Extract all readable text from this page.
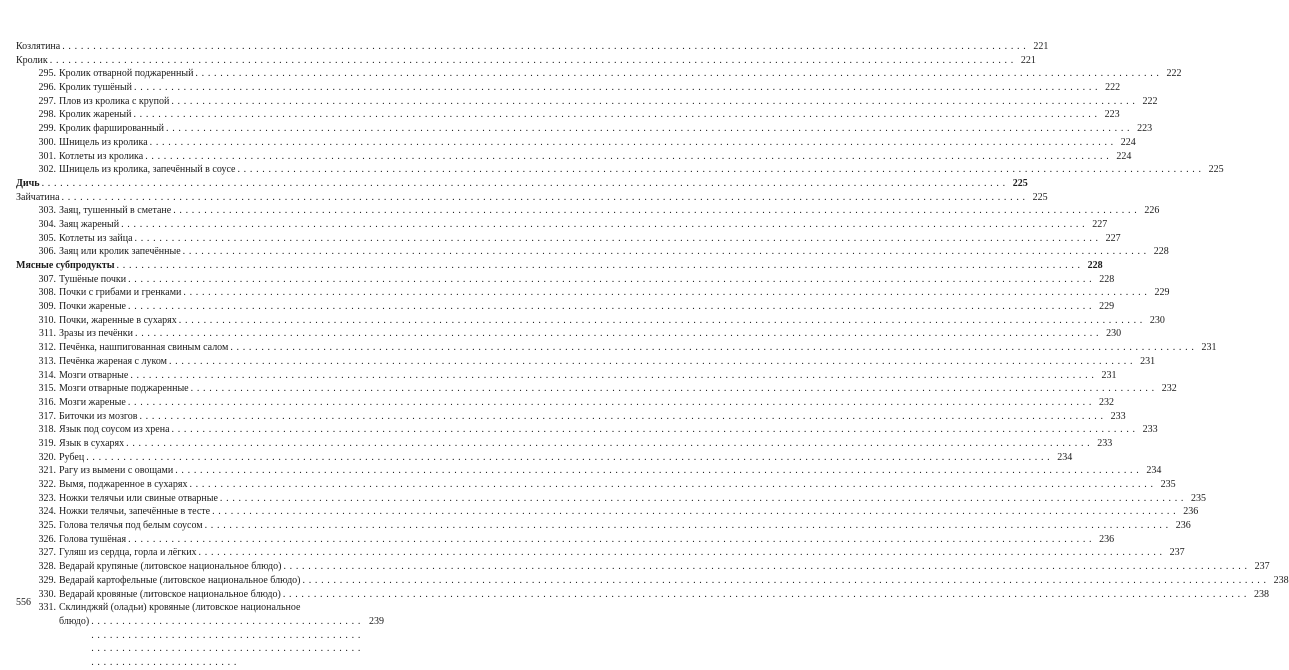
Козлятина . . .	221
Кролик . . .	221
295. Кролик отварной поджаренный . . .	222
296. Кролик тушёный . . .	222
297. Плов из кролика с крупой . . .	222
298. Кролик жареный . . .	223
299. Кролик фаршированный . . .	223
300. Шницель из кролика . . .	224
301. Котлеты из кролика . . .	224
302. Шницель из кролика, запечённый в соусе . . .	225
Дичь . . .	225
Зайчатина . . .	225
303. Заяц, тушенный в сметане . . .	226
304. Заяц жареный . . .	227
305. Котлеты из зайца . . .	227
306. Заяц или кролик запечённые . . .	228
Мясные субпродукты . . .	228
307. Тушёные почки . . .	228
308. Почки с грибами и гренками . . .	229
309. Почки жареные . . .	229
310. Почки, жаренные в сухарях . . .	230
311. Зразы из печёнки . . .	230
312. Печёнка, нашпигованная свиным салом . . .	231
313. Печёнка жареная с луком . . .	231
314. Мозги отварные . . .	231
315. Мозги отварные поджаренные . . .	232
316. Мозги жареные . . .	232
317. Биточки из мозгов . . .	233
318. Язык под соусом из хрена . . .	233
319. Язык в сухарях . . .	233
320. Рубец . . .	234
321. Рагу из вымени с овощами . . .	234
322. Вымя, поджаренное в сухарях . . .	235
323. Ножки телячьи или свиные отварные . . .	235
324. Ножки телячьи, запечённые в тесте . . .	236
325. Голова телячья под белым соусом . . .	236
326. Голова тушёная . . .	236
327. Гуляш из сердца, горла и лёгких . . .	237
328. Ведарай крупяные (литовское национальное блюдо) . . .	237
329. Ведарай картофельные (литовское национальное блюдо) . . .	238
330. Ведарай кровяные (литовское национальное блюдо) . . .	238
331. Склинджяй (оладьи) кровяные (литовское национальное
блюдо) . . .	239
556
